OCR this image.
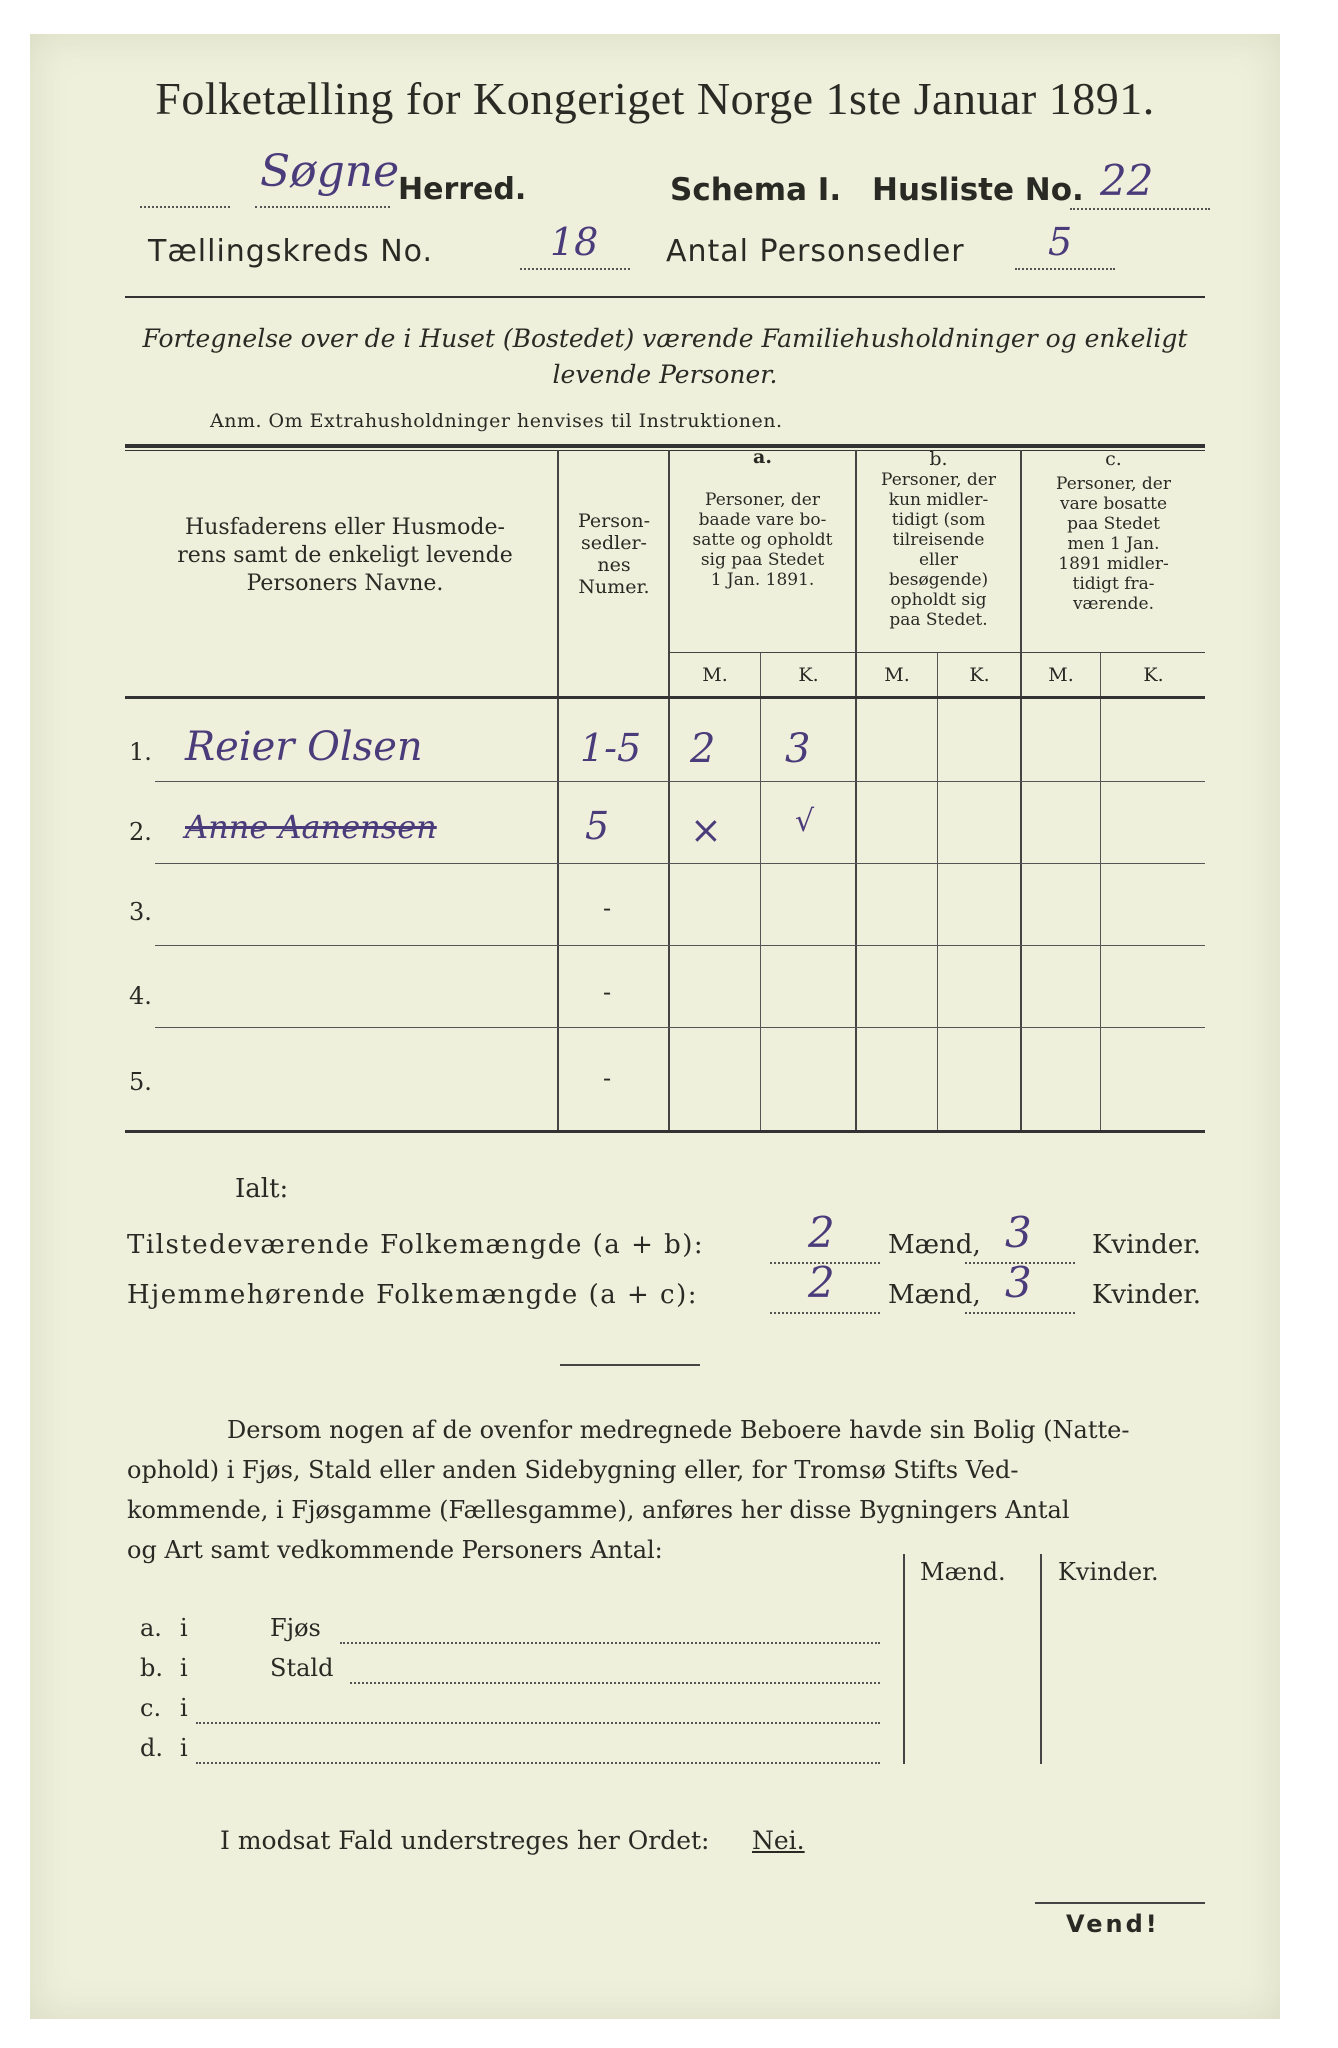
Folketælling for Kongeriget Norge 1ste Januar 1891.
Søgne
Herred.	Schema I. Husliste No. 22
Tællingskreds No.	18 Antal Personsedler 5
Fortegnelse over de i Huset (Bostedet) værende Familiehusholdninger og enkeligt
levende Personer.
Anm. Om Extrahusholdninger henvises til Instruktionen.
Husfaderens eller Husmode-
rens samt de enkeligt levende
Personers Navne.
Person-
sedler-
nes
Numer.
a.
Personer, der
baade vare bo-
satte og opholdt
sig paa Stedet
1 Jan. 1891.
b.
Personer, der
kun midler-
tidigt (som
tilreisende
eller
besøgende)
opholdt sig
paa Stedet.
c.
Personer, der
vare bosatte
paa Stedet
men 1 Jan.
1891 midler-
tidigt fra-
værende.
M.	K.	M.	K.	M.	K.
1. Reier Olsen	1-5 2 3
2. Anne Aanensen	5 × √
3.	-
4.	-
5.	-
Ialt:
Tilstedeværende Folkemængde (a + b): 2 Mænd, 3 Kvinder.
Hjemmehørende Folkemængde (a + c):	2 Mænd, 3 Kvinder.
Dersom nogen af de ovenfor medregnede Beboere havde sin Bolig (Natte-
ophold) i Fjøs, Stald eller anden Sidebygning eller, for Tromsø Stifts Ved-
kommende, i Fjøsgamme (Fællesgamme), anføres her disse Bygningers Antal
og Art samt vedkommende Personers Antal:
Mænd. Kvinder.
a. i	Fjøs
b. i	Stald
c. i
d. i
I modsat Fald understreges her Ordet: Nei.
Vend!
